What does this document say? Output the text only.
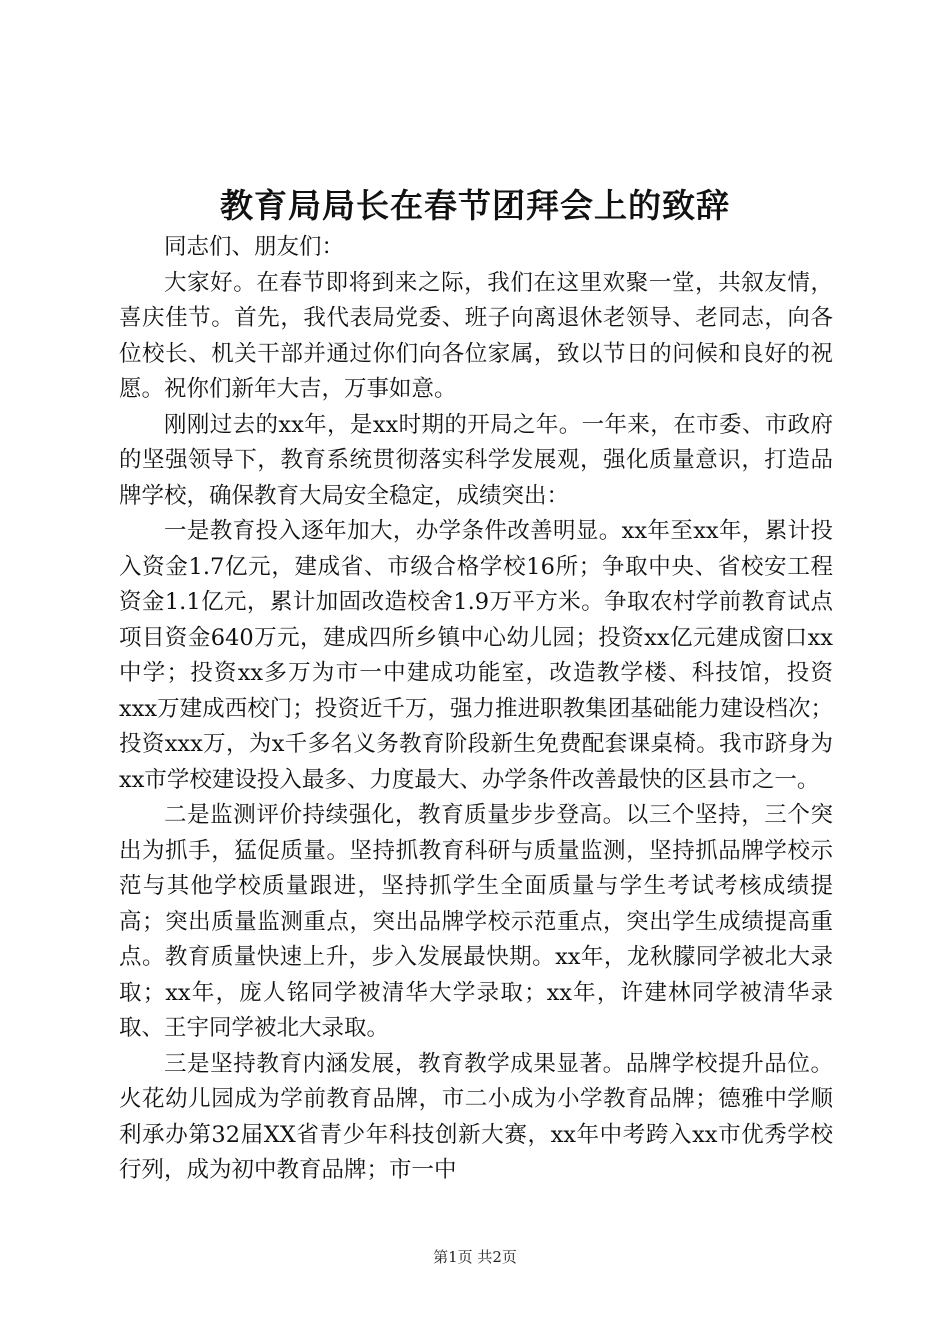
教育局局长在春节团拜会上的致辞

同志们、朋友们：

大家好。在春节即将到来之际，我们在这里欢聚一堂，共叙友情，喜庆佳节。首先，我代表局党委、班子向离退休老领导、老同志，向各位校长、机关干部并通过你们向各位家属，致以节日的问候和良好的祝愿。祝你们新年大吉，万事如意。

刚刚过去的xx年，是xx时期的开局之年。一年来，在市委、市政府的坚强领导下，教育系统贯彻落实科学发展观，强化质量意识，打造品牌学校，确保教育大局安全稳定，成绩突出：

一是教育投入逐年加大，办学条件改善明显。xx年至xx年，累计投入资金1.7亿元，建成省、市级合格学校16所；争取中央、省校安工程资金1.1亿元，累计加固改造校舍1.9万平方米。争取农村学前教育试点项目资金640万元，建成四所乡镇中心幼儿园；投资xx亿元建成窗口xx中学；投资xx多万为市一中建成功能室，改造教学楼、科技馆，投资xxx万建成西校门；投资近千万，强力推进职教集团基础能力建设档次；投资xxx万，为x千多名义务教育阶段新生免费配套课桌椅。我市跻身为xx市学校建设投入最多、力度最大、办学条件改善最快的区县市之一。

二是监测评价持续强化，教育质量步步登高。以三个坚持，三个突出为抓手，猛促质量。坚持抓教育科研与质量监测，坚持抓品牌学校示范与其他学校质量跟进，坚持抓学生全面质量与学生考试考核成绩提高；突出质量监测重点，突出品牌学校示范重点，突出学生成绩提高重点。教育质量快速上升，步入发展最快期。xx年，龙秋朦同学被北大录取；xx年，庞人铭同学被清华大学录取；xx年，许建林同学被清华录取、王宇同学被北大录取。

三是坚持教育内涵发展，教育教学成果显著。品牌学校提升品位。火花幼儿园成为学前教育品牌，市二小成为小学教育品牌；德雅中学顺利承办第32届XX省青少年科技创新大赛，xx年中考跨入xx市优秀学校行列，成为初中教育品牌；市一中

第1页 共2页
